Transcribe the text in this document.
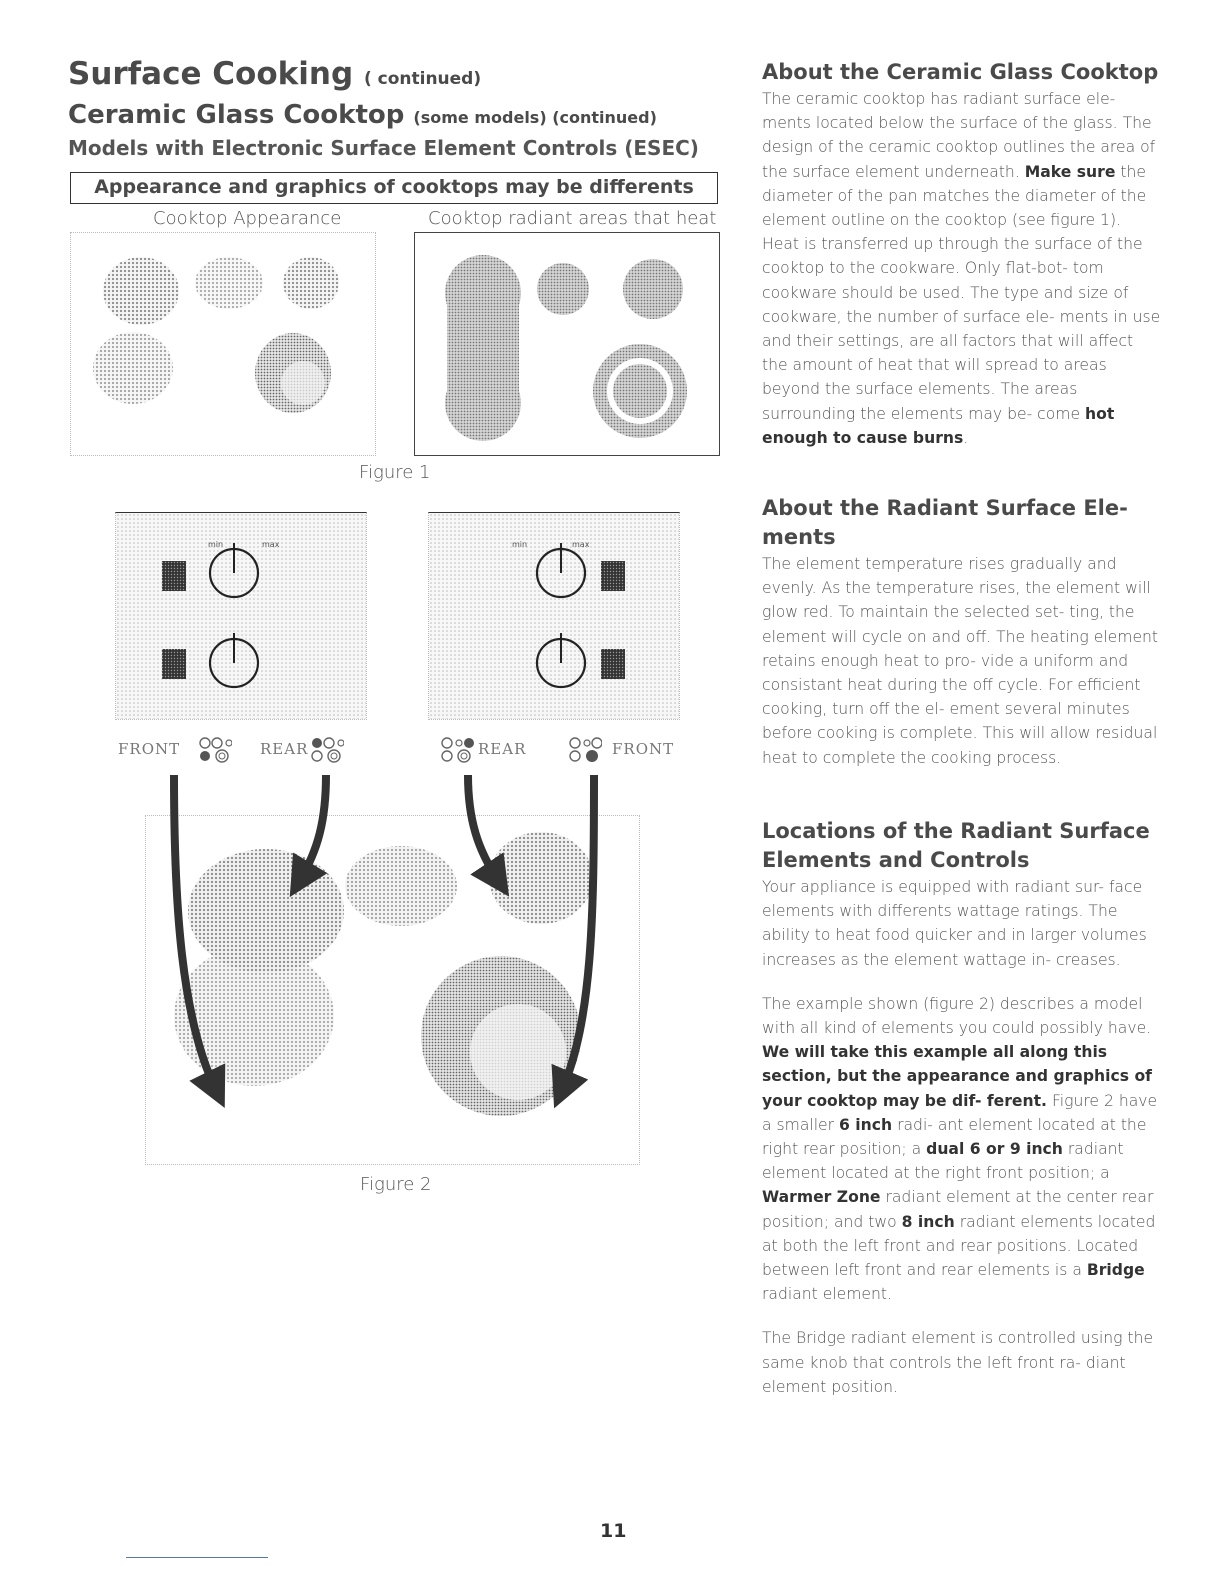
Surface Cooking ( continued)
Ceramic Glass Cooktop (some models) (continued)
Models with Electronic Surface Element Controls (ESEC)
Appearance and graphics of cooktops may be differents
Cooktop Appearance	Cooktop radiant areas that heat
Figure 1
min	max	min	max
FRONT	REAR	REAR	FRONT
Figure 2
About the Ceramic Glass Cooktop
The ceramic cooktop has radiant surface ele- ments located below the surface of the glass. The design of the ceramic cooktop outlines the area of the surface element underneath. Make sure the diameter of the pan matches the diameter of the element outline on the cooktop (see figure 1).
Heat is transferred up through the surface of the cooktop to the cookware. Only flat-bot- tom cookware should be used. The type and size of cookware, the number of surface ele- ments in use and their settings, are all factors that will affect the amount of heat that will spread to areas beyond the surface elements. The areas surrounding the elements may be- come hot enough to cause burns.
About the Radiant Surface Ele-
ments
The element temperature rises gradually and evenly. As the temperature rises, the element will glow red. To maintain the selected set- ting, the element will cycle on and off. The heating element retains enough heat to pro- vide a uniform and consistant heat during the off cycle. For efficient cooking, turn off the el- ement several minutes before cooking is complete. This will allow residual heat to complete the cooking process.
Locations of the Radiant Surface
Elements and Controls
Your appliance is equipped with radiant sur- face elements with differents wattage ratings. The ability to heat food quicker and in larger volumes increases as the element wattage in- creases.
The example shown (figure 2) describes a model with all kind of elements you could possibly have. We will take this example all along this section, but the appearance and graphics of your cooktop may be dif- ferent. Figure 2 have a smaller 6 inch radi- ant element located at the right rear position; a dual 6 or 9 inch radiant element located at the right front position; a Warmer Zone radiant element at the center rear position; and two 8 inch radiant elements located at both the left front and rear positions. Located between left front and rear elements is a Bridge radiant element.
The Bridge radiant element is controlled using the same knob that controls the left front ra- diant element position.
11
